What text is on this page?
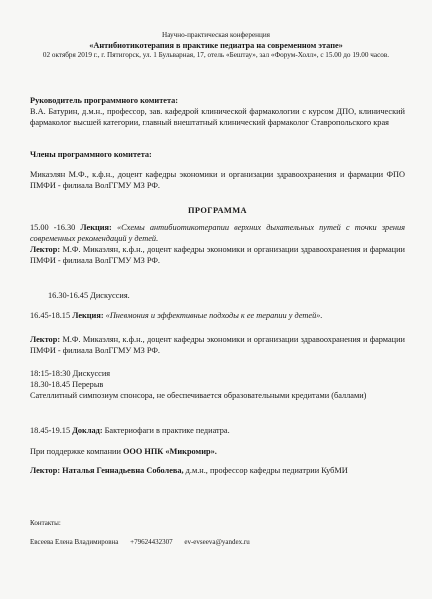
Научно-практическая конференция
«Антибиотикотерапия в практике педиатра на современном этапе»
02 октября 2019 г., г. Пятигорск, ул. 1 Бульварная, 17, отель «Бештау», зал «Форум-Холл», с 15.00 до 19.00 часов.
Руководитель программного комитета:
В.А. Батурин, д.м.н., профессор, зав. кафедрой клинической фармакологии с курсом ДПО, клинический фармаколог высшей категории, главный внештатный клинический фармаколог Ставропольского края
Члены программного комитета:
Микаэлян М.Ф., к.ф.н., доцент кафедры экономики и организации здравоохранения и фармации ФПО ПМФИ - филиала ВолГГМУ МЗ РФ.
ПРОГРАММА
15.00 -16.30 Лекция: «Схемы антибиотикотерапии верхних дыхательных путей с точки зрения современных рекомендаций у детей.
Лектор: М.Ф. Микаэлян, к.ф.н., доцент кафедры экономики и организации здравоохранения и фармации ПМФИ - филиала ВолГГМУ МЗ РФ.
16.30-16.45 Дискуссия.
16.45-18.15 Лекция: «Пневмония и эффективные подходы к ее терапии у детей».
Лектор: М.Ф. Микаэлян, к.ф.н., доцент кафедры экономики и организации здравоохранения и фармации ПМФИ - филиала ВолГГМУ МЗ РФ.
18:15-18:30 Дискуссия
18.30-18.45 Перерыв
Сателлитный симпозиум спонсора, не обеспечивается образовательными кредитами (баллами)
18.45-19.15 Доклад: Бактериофаги в практике педиатра.
При поддержке компании ООО НПК «Микромир».
Лектор: Наталья Геннадьевна Соболева, д.м.н., профессор кафедры педиатрии КубМИ
Контакты:
Евсеева Елена Владимировна +79624432307 ev-evseeva@yandex.ru
